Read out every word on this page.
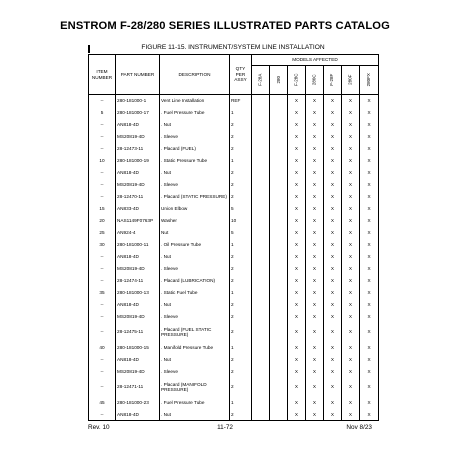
ENSTROM F-28/280 SERIES ILLUSTRATED PARTS CATALOG
FIGURE 11-15. INSTRUMENT/SYSTEM LINE INSTALLATION
ITEM NUMBER	PART NUMBER	DESCRIPTION	QTY PER ASSY	MODELS AFFECTED						
				F-28A	280	F-28C	280C	F-28F	280F	280FX
--	280-181000-1	Vent Line Installation	REF			X	X	X	X	X
5	280-181000-17	. Fuel Pressure Tube	1			X	X	X	X	X
--	AN818-4D	. Nut	2			X	X	X	X	X
--	MS20819-4D	. Sleeve	2			X	X	X	X	X
--	28-12473-11	. Placard (FUEL)	2			X	X	X	X	X
10	280-181000-19	. Static Pressure Tube	1			X	X	X	X	X
--	AN818-4D	. Nut	2			X	X	X	X	X
--	MS20819-4D	. Sleeve	2			X	X	X	X	X
--	28-12470-11	. Placard (STATIC PRESSURE)	2			X	X	X	X	X
15	AN833-4D	Union Elbow	5			X	X	X	X	X
20	NAS1149F0763P	Washer	10			X	X	X	X	X
25	AN924-4	Nut	5			X	X	X	X	X
30	280-181000-11	. Oil Pressure Tube	1			X	X	X	X	X
--	AN818-4D	. Nut	2			X	X	X	X	X
--	MS20819-4D	. Sleeve	2			X	X	X	X	X
--	28-12474-11	. Placard (LUBRICATION)	2			X	X	X	X	X
35	280-181000-13	. Static Fuel Tube	1			X	X	X	X	X
--	AN818-4D	. Nut	2			X	X	X	X	X
--	MS20819-4D	. Sleeve	2			X	X	X	X	X
--	28-12475-11	. Placard (FUEL STATIC PRESSURE)	2			X	X	X	X	X
40	280-181000-15	. Manifold Pressure Tube	1			X	X	X	X	X
--	AN818-4D	. Nut	2			X	X	X	X	X
--	MS20819-4D	. Sleeve	2			X	X	X	X	X
--	28-12471-11	. Placard (MANIFOLD PRESSURE)	2			X	X	X	X	X
45	280-181000-23	. Fuel Pressure Tube	1			X	X	X	X	X
--	AN818-4D	. Nut	2			X	X	X	X	X
Rev. 10	11-72	Nov 8/23
